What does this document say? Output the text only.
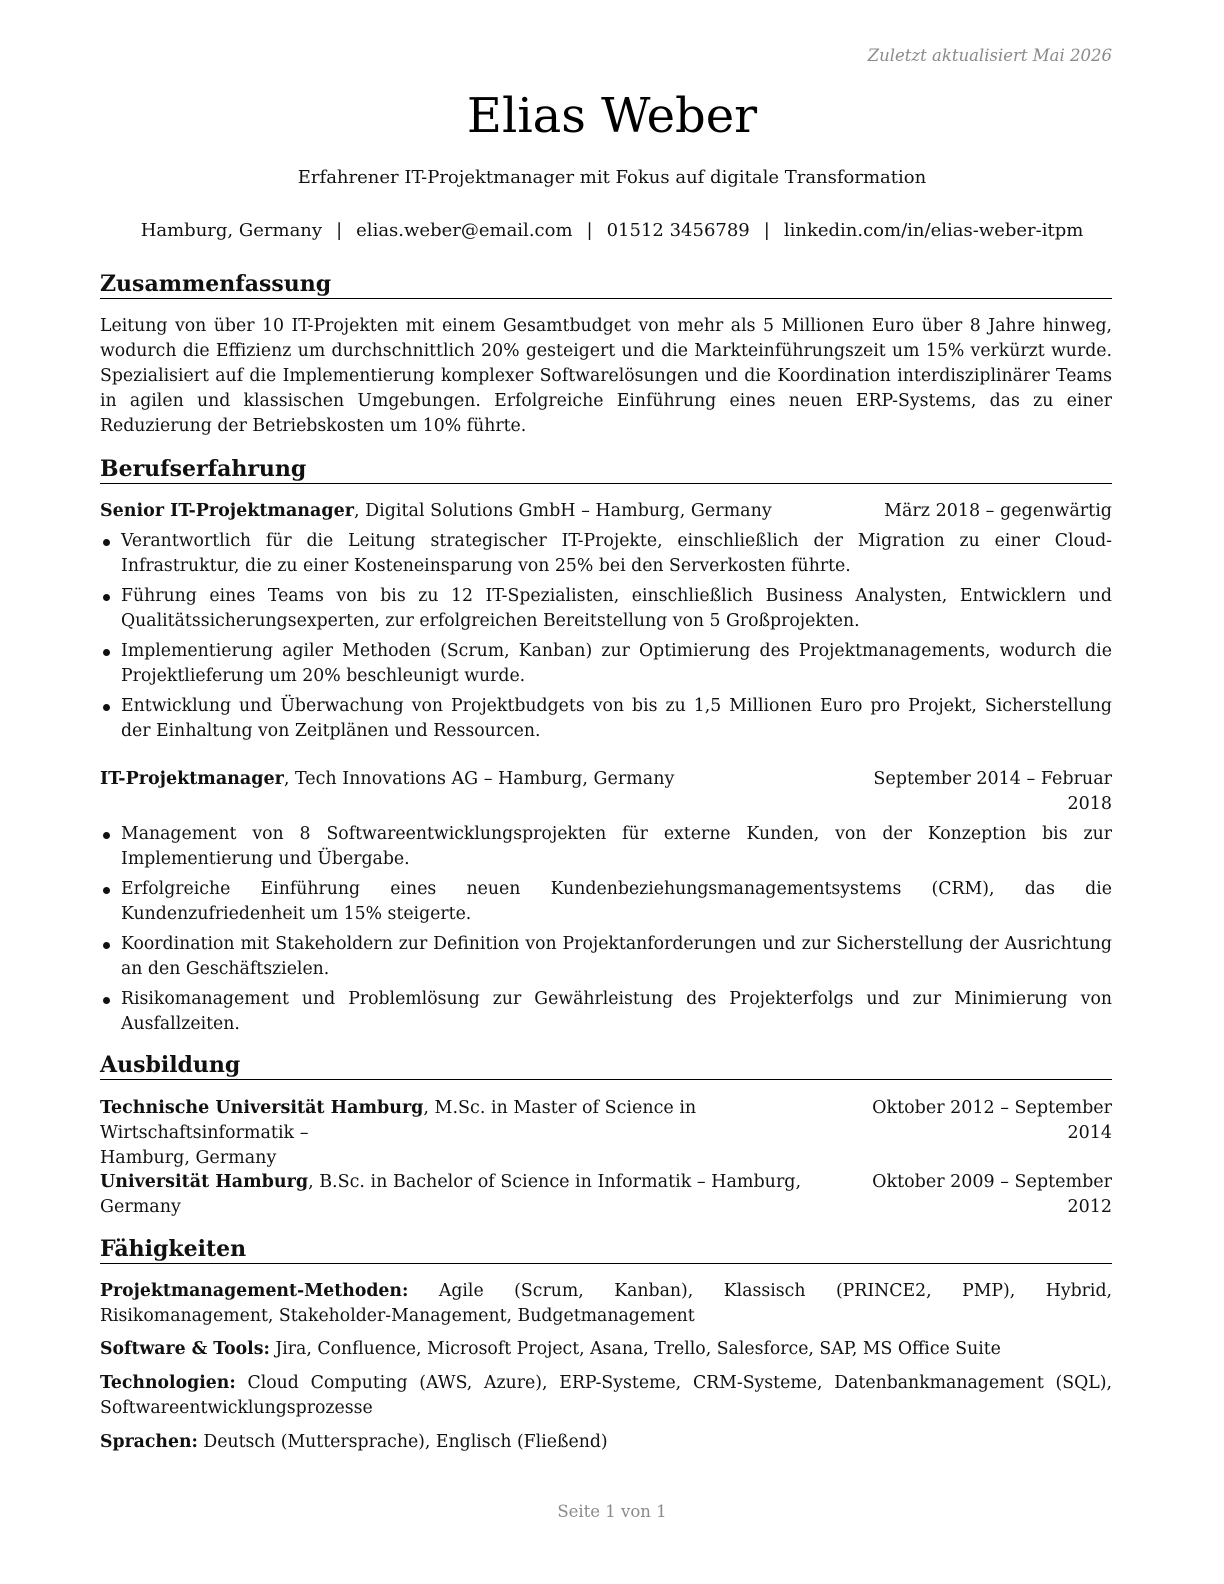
Zuletzt aktualisiert Mai 2026
Elias Weber
Erfahrener IT-Projektmanager mit Fokus auf digitale Transformation
Hamburg, Germany | elias.weber@email.com | 01512 3456789 | linkedin.com/in/elias-weber-itpm
Zusammenfassung
Leitung von über 10 IT-Projekten mit einem Gesamtbudget von mehr als 5 Millionen Euro über 8 Jahre hinweg, wodurch die Effizienz um durchschnittlich 20% gesteigert und die Markteinführungszeit um 15% verkürzt wurde. Spezialisiert auf die Implementierung komplexer Softwarelösungen und die Koordination interdisziplinärer Teams in agilen und klassischen Umgebungen. Erfolgreiche Einführung eines neuen ERP-Systems, das zu einer Reduzierung der Betriebskosten um 10% führte.
Berufserfahrung
Senior IT-Projektmanager, Digital Solutions GmbH – Hamburg, Germany	März 2018 – gegenwärtig
Verantwortlich für die Leitung strategischer IT-Projekte, einschließlich der Migration zu einer Cloud-Infrastruktur, die zu einer Kosteneinsparung von 25% bei den Serverkosten führte.
Führung eines Teams von bis zu 12 IT-Spezialisten, einschließlich Business Analysten, Entwicklern und Qualitätssicherungsexperten, zur erfolgreichen Bereitstellung von 5 Großprojekten.
Implementierung agiler Methoden (Scrum, Kanban) zur Optimierung des Projektmanagements, wodurch die Projektlieferung um 20% beschleunigt wurde.
Entwicklung und Überwachung von Projektbudgets von bis zu 1,5 Millionen Euro pro Projekt, Sicherstellung der Einhaltung von Zeitplänen und Ressourcen.
IT-Projektmanager, Tech Innovations AG – Hamburg, Germany	September 2014 – Februar
2018
Management von 8 Softwareentwicklungsprojekten für externe Kunden, von der Konzeption bis zur Implementierung und Übergabe.
Erfolgreiche Einführung eines neuen Kundenbeziehungsmanagementsystems (CRM), das die Kundenzufriedenheit um 15% steigerte.
Koordination mit Stakeholdern zur Definition von Projektanforderungen und zur Sicherstellung der Ausrichtung an den Geschäftszielen.
Risikomanagement und Problemlösung zur Gewährleistung des Projekterfolgs und zur Minimierung von Ausfallzeiten.
Ausbildung
Technische Universität Hamburg, M.Sc. in Master of Science in Wirtschaftsinformatik –
Hamburg, Germany
Oktober 2012 – September
2014
Universität Hamburg, B.Sc. in Bachelor of Science in Informatik – Hamburg, Germany
Oktober 2009 – September
2012
Fähigkeiten
Projektmanagement-Methoden: Agile (Scrum, Kanban), Klassisch (PRINCE2, PMP), Hybrid, Risikomanagement, Stakeholder-Management, Budgetmanagement
Software & Tools: Jira, Confluence, Microsoft Project, Asana, Trello, Salesforce, SAP, MS Office Suite
Technologien: Cloud Computing (AWS, Azure), ERP-Systeme, CRM-Systeme, Datenbankmanagement (SQL), Softwareentwicklungsprozesse
Sprachen: Deutsch (Muttersprache), Englisch (Fließend)
Seite 1 von 1
